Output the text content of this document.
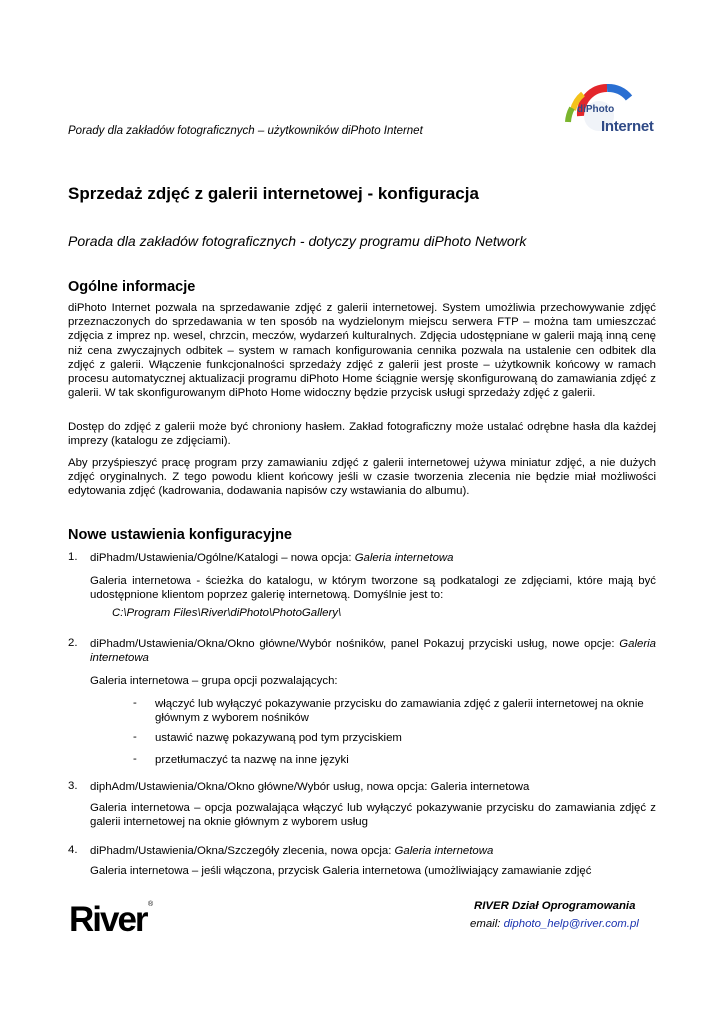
Porady dla zakładów fotograficznych – użytkowników diPhoto Internet
diPhoto
Internet
Sprzedaż zdjęć z galerii internetowej - konfiguracja
Porada dla zakładów fotograficznych - dotyczy programu diPhoto Network
Ogólne informacje
diPhoto Internet pozwala na sprzedawanie zdjęć z galerii internetowej. System umożliwia przechowywanie zdjęć przeznaczonych do sprzedawania w ten sposób na wydzielonym miejscu serwera FTP – można tam umieszczać zdjęcia z imprez np. wesel, chrzcin, meczów, wydarzeń kulturalnych. Zdjęcia udostępniane w galerii mają inną cenę niż cena zwyczajnych odbitek – system w ramach konfigurowania cennika pozwala na ustalenie cen odbitek dla zdjęć z galerii. Włączenie funkcjonalności sprzedaży zdjęć z galerii jest proste – użytkownik końcowy w ramach procesu automatycznej aktualizacji programu diPhoto Home ściągnie wersję skonfigurowaną do zamawiania zdjęć z galerii. W tak skonfigurowanym diPhoto Home widoczny będzie przycisk usługi sprzedaży zdjęć z galerii.
Dostęp do zdjęć z galerii może być chroniony hasłem. Zakład fotograficzny może ustalać odrębne hasła dla każdej imprezy (katalogu ze zdjęciami).
Aby przyśpieszyć pracę program przy zamawianiu zdjęć z galerii internetowej używa miniatur zdjęć, a nie dużych zdjęć oryginalnych. Z tego powodu klient końcowy jeśli w czasie tworzenia zlecenia nie będzie miał możliwości edytowania zdjęć (kadrowania, dodawania napisów czy wstawiania do albumu).
Nowe ustawienia konfiguracyjne
1. diPhadm/Ustawienia/Ogólne/Katalogi – nowa opcja: Galeria internetowa
Galeria internetowa - ścieżka do katalogu, w którym tworzone są podkatalogi ze zdjęciami, które mają być udostępnione klientom poprzez galerię internetową. Domyślnie jest to:
C:\Program Files\River\diPhoto\PhotoGallery\
2. diPhadm/Ustawienia/Okna/Okno główne/Wybór nośników, panel Pokazuj przyciski usług, nowe opcje: Galeria internetowa
Galeria internetowa – grupa opcji pozwalających:
- włączyć lub wyłączyć pokazywanie przycisku do zamawiania zdjęć z galerii internetowej na oknie głównym z wyborem nośników
- ustawić nazwę pokazywaną pod tym przyciskiem
- przetłumaczyć ta nazwę na inne języki
3. diphAdm/Ustawienia/Okna/Okno główne/Wybór usług, nowa opcja: Galeria internetowa
Galeria internetowa – opcja pozwalająca włączyć lub wyłączyć pokazywanie przycisku do zamawiania zdjęć z galerii internetowej na oknie głównym z wyborem usług
4. diPhadm/Ustawienia/Okna/Szczegóły zlecenia, nowa opcja: Galeria internetowa
Galeria internetowa – jeśli włączona, przycisk Galeria internetowa (umożliwiający zamawianie zdjęć
River ®	RIVER Dział Oprogramowania
email: diphoto_help@river.com.pl
